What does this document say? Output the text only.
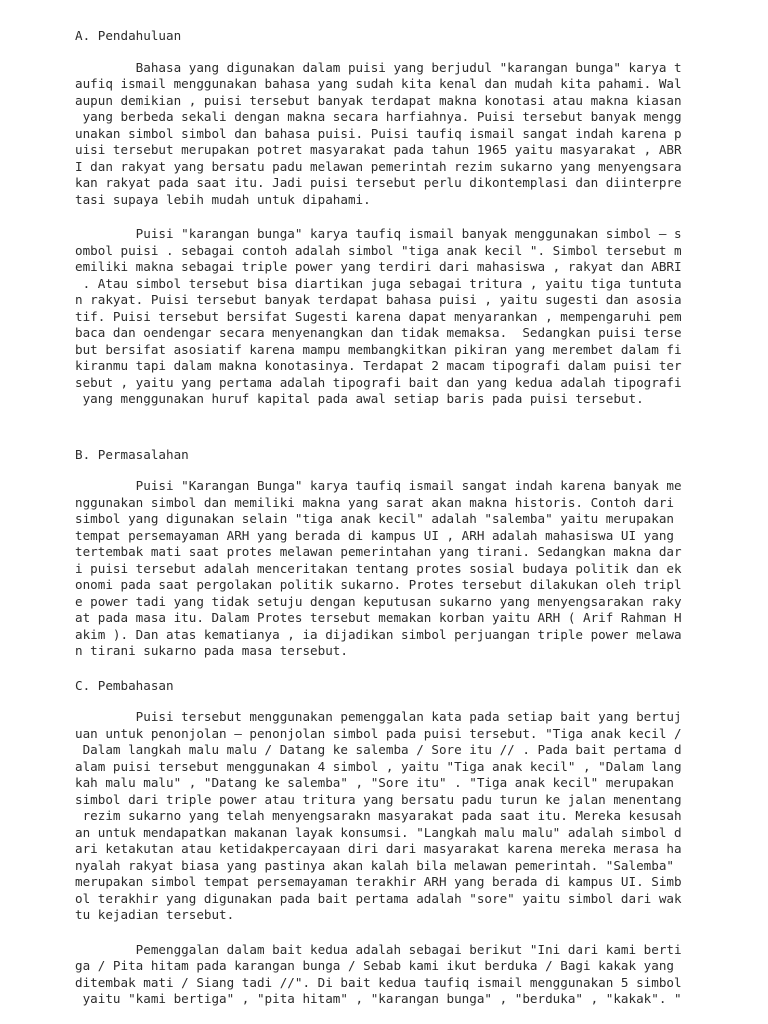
A. Pendahuluan
Bahasa yang digunakan dalam puisi yang berjudul "karangan bunga" karya t
aufiq ismail menggunakan bahasa yang sudah kita kenal dan mudah kita pahami. Wal
aupun demikian , puisi tersebut banyak terdapat makna konotasi atau makna kiasan
yang berbeda sekali dengan makna secara harfiahnya. Puisi tersebut banyak mengg
unakan simbol simbol dan bahasa puisi. Puisi taufiq ismail sangat indah karena p
uisi tersebut merupakan potret masyarakat pada tahun 1965 yaitu masyarakat , ABR
I dan rakyat yang bersatu padu melawan pemerintah rezim sukarno yang menyengsara
kan rakyat pada saat itu. Jadi puisi tersebut perlu dikontemplasi dan diinterpre
tasi supaya lebih mudah untuk dipahami.
Puisi "karangan bunga" karya taufiq ismail banyak menggunakan simbol – s
ombol puisi . sebagai contoh adalah simbol "tiga anak kecil ". Simbol tersebut m
emiliki makna sebagai triple power yang terdiri dari mahasiswa , rakyat dan ABRI
. Atau simbol tersebut bisa diartikan juga sebagai tritura , yaitu tiga tuntuta
n rakyat. Puisi tersebut banyak terdapat bahasa puisi , yaitu sugesti dan asosia
tif. Puisi tersebut bersifat Sugesti karena dapat menyarankan , mempengaruhi pem
baca dan oendengar secara menyenangkan dan tidak memaksa.  Sedangkan puisi terse
but bersifat asosiatif karena mampu membangkitkan pikiran yang merembet dalam fi
kiranmu tapi dalam makna konotasinya. Terdapat 2 macam tipografi dalam puisi ter
sebut , yaitu yang pertama adalah tipografi bait dan yang kedua adalah tipografi
yang menggunakan huruf kapital pada awal setiap baris pada puisi tersebut.
B. Permasalahan
Puisi "Karangan Bunga" karya taufiq ismail sangat indah karena banyak me
nggunakan simbol dan memiliki makna yang sarat akan makna historis. Contoh dari
simbol yang digunakan selain "tiga anak kecil" adalah "salemba" yaitu merupakan
tempat persemayaman ARH yang berada di kampus UI , ARH adalah mahasiswa UI yang
tertembak mati saat protes melawan pemerintahan yang tirani. Sedangkan makna dar
i puisi tersebut adalah menceritakan tentang protes sosial budaya politik dan ek
onomi pada saat pergolakan politik sukarno. Protes tersebut dilakukan oleh tripl
e power tadi yang tidak setuju dengan keputusan sukarno yang menyengsarakan raky
at pada masa itu. Dalam Protes tersebut memakan korban yaitu ARH ( Arif Rahman H
akim ). Dan atas kematianya , ia dijadikan simbol perjuangan triple power melawa
n tirani sukarno pada masa tersebut.
C. Pembahasan
Puisi tersebut menggunakan pemenggalan kata pada setiap bait yang bertuj
uan untuk penonjolan – penonjolan simbol pada puisi tersebut. "Tiga anak kecil /
Dalam langkah malu malu / Datang ke salemba / Sore itu // . Pada bait pertama d
alam puisi tersebut menggunakan 4 simbol , yaitu "Tiga anak kecil" , "Dalam lang
kah malu malu" , "Datang ke salemba" , "Sore itu" . "Tiga anak kecil" merupakan
simbol dari triple power atau tritura yang bersatu padu turun ke jalan menentang
rezim sukarno yang telah menyengsarakn masyarakat pada saat itu. Mereka kesusah
an untuk mendapatkan makanan layak konsumsi. "Langkah malu malu" adalah simbol d
ari ketakutan atau ketidakpercayaan diri dari masyarakat karena mereka merasa ha
nyalah rakyat biasa yang pastinya akan kalah bila melawan pemerintah. "Salemba"
merupakan simbol tempat persemayaman terakhir ARH yang berada di kampus UI. Simb
ol terakhir yang digunakan pada bait pertama adalah "sore" yaitu simbol dari wak
tu kejadian tersebut.
Pemenggalan dalam bait kedua adalah sebagai berikut "Ini dari kami berti
ga / Pita hitam pada karangan bunga / Sebab kami ikut berduka / Bagi kakak yang
ditembak mati / Siang tadi //". Di bait kedua taufiq ismail menggunakan 5 simbol
yaitu "kami bertiga" , "pita hitam" , "karangan bunga" , "berduka" , "kakak". "
